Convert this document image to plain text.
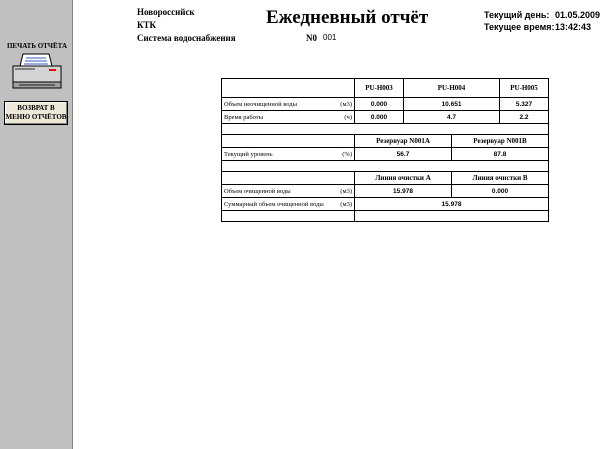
ПЕЧАТЬ ОТЧЁТА
ВОЗВРАТ В
МЕНЮ ОТЧЁТОВ
Новороссийск
КТК
Система водоснабжения
Ежедневный отчёт
N0 001
Текущий день: 01.05.2009
Текущее время: 13:42:43
	PU-H003	PU-H004		PU-H005
Объем неочищенной воды (м3)	0.000	10.651		5.327
Время работы (ч)	0.000	4.7		2.2

	Резервуар N001A		Резервуар N001B	
Текущий уровень (%)	56.7		87.8	

	Линия очистки A		Линия очистки B	
Объем очищенной воды (м3)	15.978		0.000	
Суммарный объем очищенной воды (м3)	15.978			
